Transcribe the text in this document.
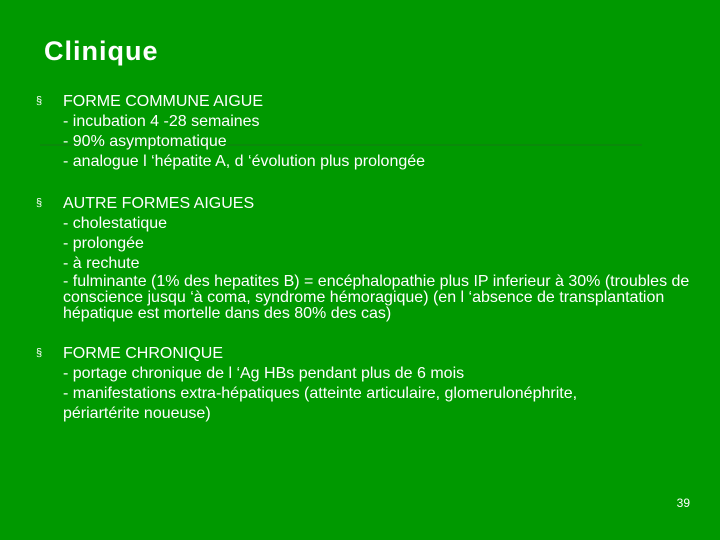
Clinique
§ FORME COMMUNE AIGUE
- incubation 4 -28 semaines
- 90% asymptomatique
- analogue l ‘hépatite A, d ‘évolution plus prolongée
§ AUTRE FORMES AIGUES
- cholestatique
- prolongée
- à rechute
- fulminante (1% des hepatites B) = encéphalopathie plus IP inferieur à 30% (troubles de conscience jusqu ‘à coma, syndrome hémoragique) (en l ‘absence de transplantation hépatique est mortelle dans des 80% des cas)
§ FORME CHRONIQUE
- portage chronique de l ‘Ag HBs pendant plus de 6 mois
- manifestations extra-hépatiques (atteinte articulaire, glomerulonéphrite, périartérite noueuse)
39
